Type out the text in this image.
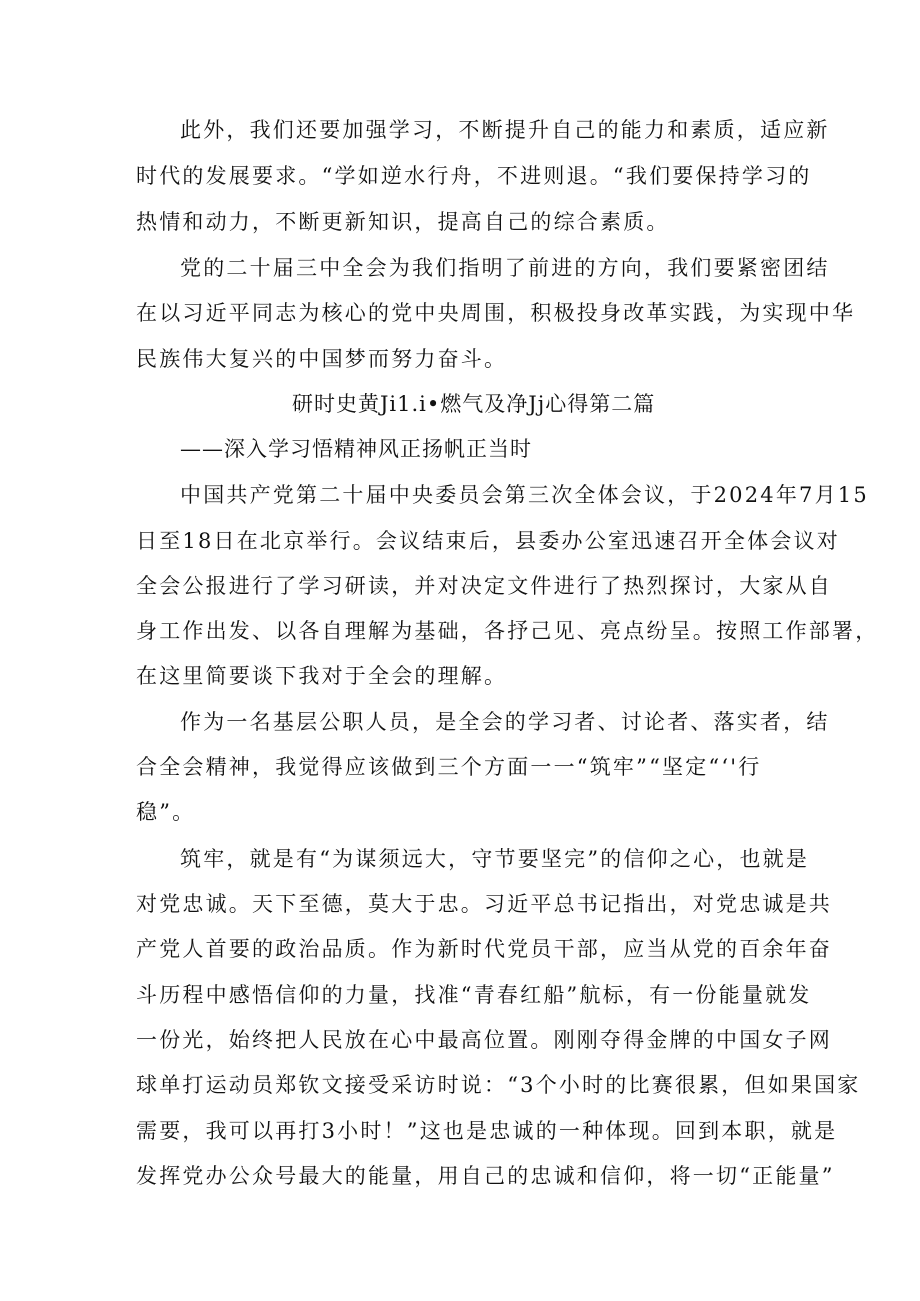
此外，我们还要加强学习，不断提升自己的能力和素质，适应新
时代的发展要求。“学如逆水行舟，不进则退。“我们要保持学习的
热情和动力，不断更新知识，提高自己的综合素质。
党的二十届三中全会为我们指明了前进的方向，我们要紧密团结
在以习近平同志为核心的党中央周围，积极投身改革实践，为实现中华
民族伟大复兴的中国梦而努力奋斗。
研时史黄Ji1.i•燃气及净Jj心得第二篇
——深入学习悟精神风正扬帆正当时
中国共产党第二十届中央委员会第三次全体会议，于2024年7月15
日至18日在北京举行。会议结束后，县委办公室迅速召开全体会议对
全会公报进行了学习研读，并对决定文件进行了热烈探讨，大家从自
身工作出发、以各自理解为基础，各抒己见、亮点纷呈。按照工作部署，
在这里简要谈下我对于全会的理解。
作为一名基层公职人员，是全会的学习者、讨论者、落实者，结
合全会精神，我觉得应该做到三个方面一一“筑牢”“坚定“‘'行
稳”。
筑牢，就是有“为谋须远大，守节要坚完”的信仰之心，也就是
对党忠诚。天下至德，莫大于忠。习近平总书记指出，对党忠诚是共
产党人首要的政治品质。作为新时代党员干部，应当从党的百余年奋
斗历程中感悟信仰的力量，找准“青春红船”航标，有一份能量就发
一份光，始终把人民放在心中最高位置。刚刚夺得金牌的中国女子网
球单打运动员郑钦文接受采访时说：“3个小时的比赛很累，但如果国家
需要，我可以再打3小时！”这也是忠诚的一种体现。回到本职，就是
发挥党办公众号最大的能量，用自己的忠诚和信仰，将一切“正能量”
